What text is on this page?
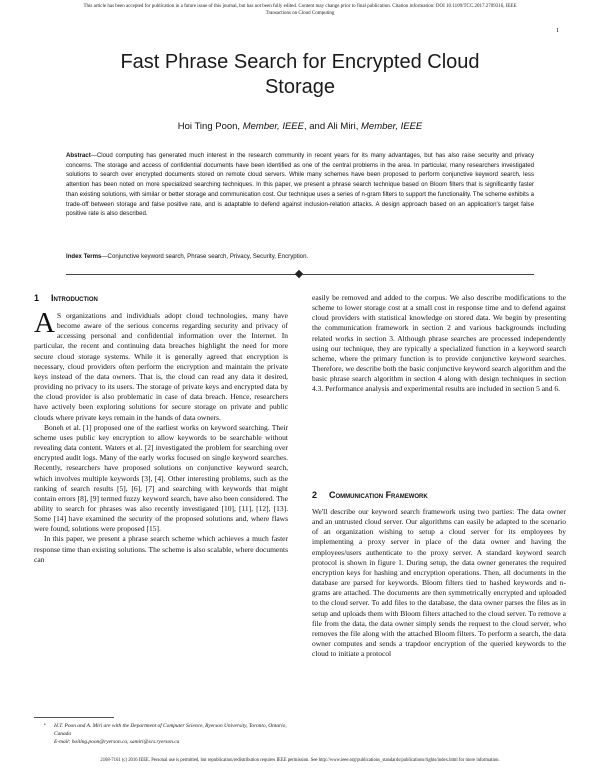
This article has been accepted for publication in a future issue of this journal, but has not been fully edited. Content may change prior to final publication. Citation information: DOI 10.1109/TCC.2017.2709316, IEEE
Transactions on Cloud Computing
1
Fast Phrase Search for Encrypted Cloud
Storage
Hoi Ting Poon, Member, IEEE, and Ali Miri, Member, IEEE
Abstract—Cloud computing has generated much interest in the research community in recent years for its many advantages, but has also raise security and privacy concerns. The storage and access of confidential documents have been identified as one of the central problems in the area. In particular, many researchers investigated solutions to search over encrypted documents stored on remote cloud servers. While many schemes have been proposed to perform conjunctive keyword search, less attention has been noted on more specialized searching techniques. In this paper, we present a phrase search technique based on Bloom filters that is significantly faster than existing solutions, with similar or better storage and communication cost. Our technique uses a series of n-gram filters to support the functionality. The scheme exhibits a trade-off between storage and false positive rate, and is adaptable to defend against inclusion-relation attacks. A design approach based on an application's target false positive rate is also described.
Index Terms—Conjunctive keyword search, Phrase search, Privacy, Security, Encryption.
1 Introduction

A S organizations and individuals adopt cloud technologies, many have become aware of the serious concerns regarding security and privacy of accessing personal and confidential information over the Internet. In particular, the recent and continuing data breaches highlight the need for more secure cloud storage systems. While it is generally agreed that encryption is necessary, cloud providers often perform the encryption and maintain the private keys instead of the data owners. That is, the cloud can read any data it desired, providing no privacy to its users. The storage of private keys and encrypted data by the cloud provider is also problematic in case of data breach. Hence, researchers have actively been exploring solutions for secure storage on private and public clouds where private keys remain in the hands of data owners.

Boneh et al. [1] proposed one of the earliest works on keyword searching. Their scheme uses public key encryption to allow keywords to be searchable without revealing data content. Waters et al. [2] investigated the problem for searching over encrypted audit logs. Many of the early works focused on single keyword searches. Recently, researchers have proposed solutions on conjunctive keyword search, which involves multiple keywords [3], [4]. Other interesting problems, such as the ranking of search results [5], [6], [7] and searching with keywords that might contain errors [8], [9] termed fuzzy keyword search, have also been considered. The ability to search for phrases was also recently investigated [10], [11], [12], [13]. Some [14] have examined the security of the proposed solutions and, where flaws were found, solutions were proposed [15].

In this paper, we present a phrase search scheme which achieves a much faster response time than existing solutions. The scheme is also scalable, where documents can

easily be removed and added to the corpus. We also describe modifications to the scheme to lower storage cost at a small cost in response time and to defend against cloud providers with statistical knowledge on stored data. We begin by presenting the communication framework in section 2 and various backgrounds including related works in section 3. Although phrase searches are processed independently using our technique, they are typically a specialized function in a keyword search scheme, where the primary function is to provide conjunctive keyword searches. Therefore, we describe both the basic conjunctive keyword search algorithm and the basic phrase search algorithm in section 4 along with design techniques in section 4.3. Performance analysis and experimental results are included in section 5 and 6.

2 Communication Framework

We'll describe our keyword search framework using two parties: The data owner and an untrusted cloud server. Our algorithms can easily be adapted to the scenario of an organization wishing to setup a cloud server for its employees by implementing a proxy server in place of the data owner and having the employees/users authenticate to the proxy server. A standard keyword search protocol is shown in figure 1. During setup, the data owner generates the required encryption keys for hashing and encryption operations. Then, all documents in the database are parsed for keywords. Bloom filters tied to hashed keywords and n-grams are attached. The documents are then symmetrically encrypted and uploaded to the cloud server. To add files to the database, the data owner parses the files as in setup and uploads them with Bloom filters attached to the cloud server. To remove a file from the data, the data owner simply sends the request to the cloud server, who removes the file along with the attached Bloom filters. To perform a search, the data owner computes and sends a trapdoor encryption of the queried keywords to the cloud to initiate a protocol

• H.T. Poon and A. Miri are with the Department of Computer Science, Ryerson University, Toronto, Ontario, Canada
E-mail: hoiting.poon@ryerson.ca, samiri@scs.ryerson.ca
2168-7161 (c) 2016 IEEE. Personal use is permitted, but republication/redistribution requires IEEE permission. See http://www.ieee.org/publications_standards/publications/rights/index.html for more information.
